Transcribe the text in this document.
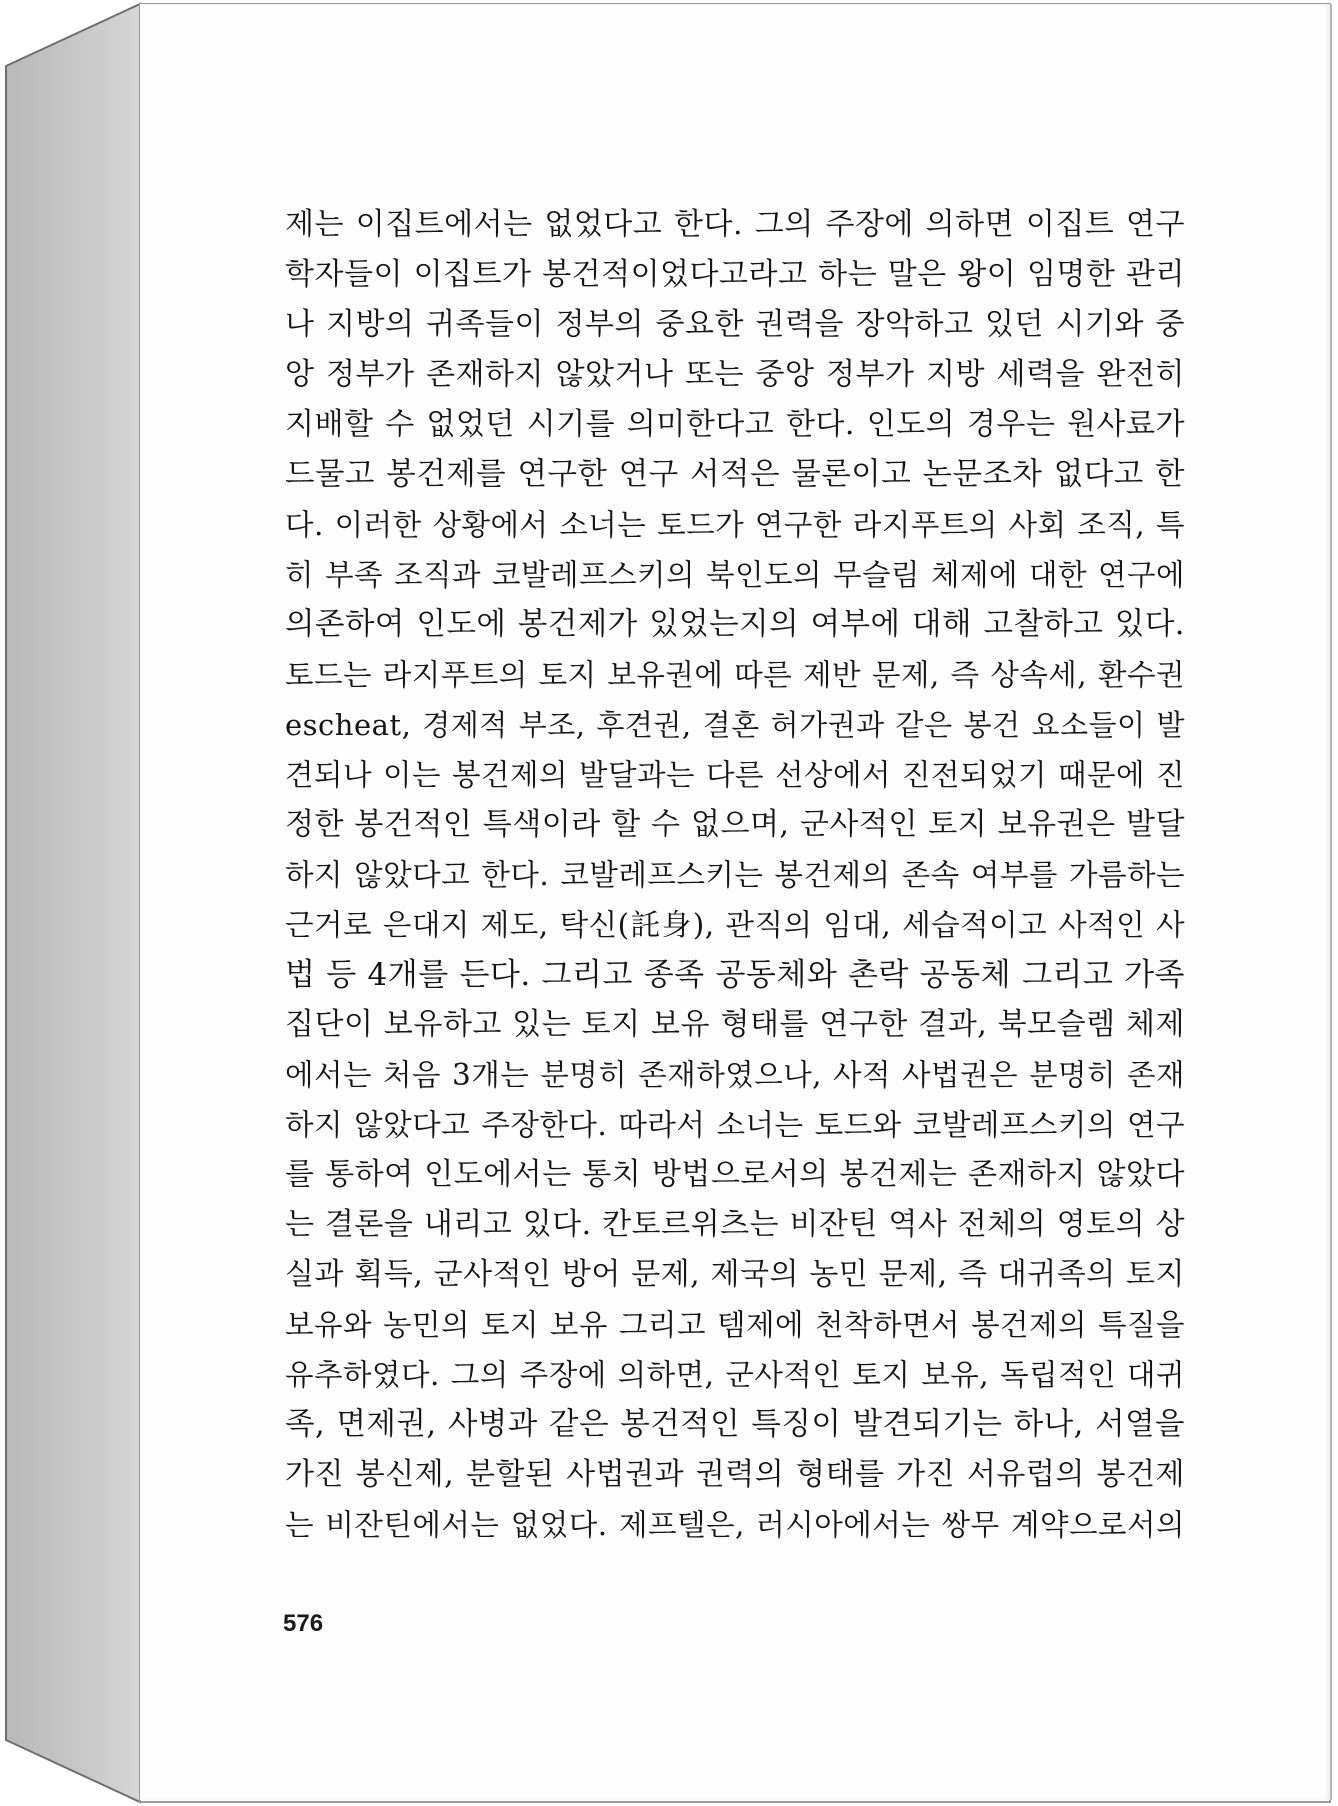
제는 이집트에서는 없었다고 한다. 그의 주장에 의하면 이집트 연구
학자들이 이집트가 봉건적이었다고라고 하는 말은 왕이 임명한 관리
나 지방의 귀족들이 정부의 중요한 권력을 장악하고 있던 시기와 중
앙 정부가 존재하지 않았거나 또는 중앙 정부가 지방 세력을 완전히
지배할 수 없었던 시기를 의미한다고 한다. 인도의 경우는 원사료가
드물고 봉건제를 연구한 연구 서적은 물론이고 논문조차 없다고 한
다. 이러한 상황에서 소너는 토드가 연구한 라지푸트의 사회 조직, 특
히 부족 조직과 코발레프스키의 북인도의 무슬림 체제에 대한 연구에
의존하여 인도에 봉건제가 있었는지의 여부에 대해 고찰하고 있다.
토드는 라지푸트의 토지 보유권에 따른 제반 문제, 즉 상속세, 환수권
escheat, 경제적 부조, 후견권, 결혼 허가권과 같은 봉건 요소들이 발
견되나 이는 봉건제의 발달과는 다른 선상에서 진전되었기 때문에 진
정한 봉건적인 특색이라 할 수 없으며, 군사적인 토지 보유권은 발달
하지 않았다고 한다. 코발레프스키는 봉건제의 존속 여부를 가름하는
근거로 은대지 제도, 탁신(託身), 관직의 임대, 세습적이고 사적인 사
법 등 4개를 든다. 그리고 종족 공동체와 촌락 공동체 그리고 가족
집단이 보유하고 있는 토지 보유 형태를 연구한 결과, 북모슬렘 체제
에서는 처음 3개는 분명히 존재하였으나, 사적 사법권은 분명히 존재
하지 않았다고 주장한다. 따라서 소너는 토드와 코발레프스키의 연구
를 통하여 인도에서는 통치 방법으로서의 봉건제는 존재하지 않았다
는 결론을 내리고 있다. 칸토르위츠는 비잔틴 역사 전체의 영토의 상
실과 획득, 군사적인 방어 문제, 제국의 농민 문제, 즉 대귀족의 토지
보유와 농민의 토지 보유 그리고 템제에 천착하면서 봉건제의 특질을
유추하였다. 그의 주장에 의하면, 군사적인 토지 보유, 독립적인 대귀
족, 면제권, 사병과 같은 봉건적인 특징이 발견되기는 하나, 서열을
가진 봉신제, 분할된 사법권과 권력의 형태를 가진 서유럽의 봉건제
는 비잔틴에서는 없었다. 제프텔은, 러시아에서는 쌍무 계약으로서의
576
